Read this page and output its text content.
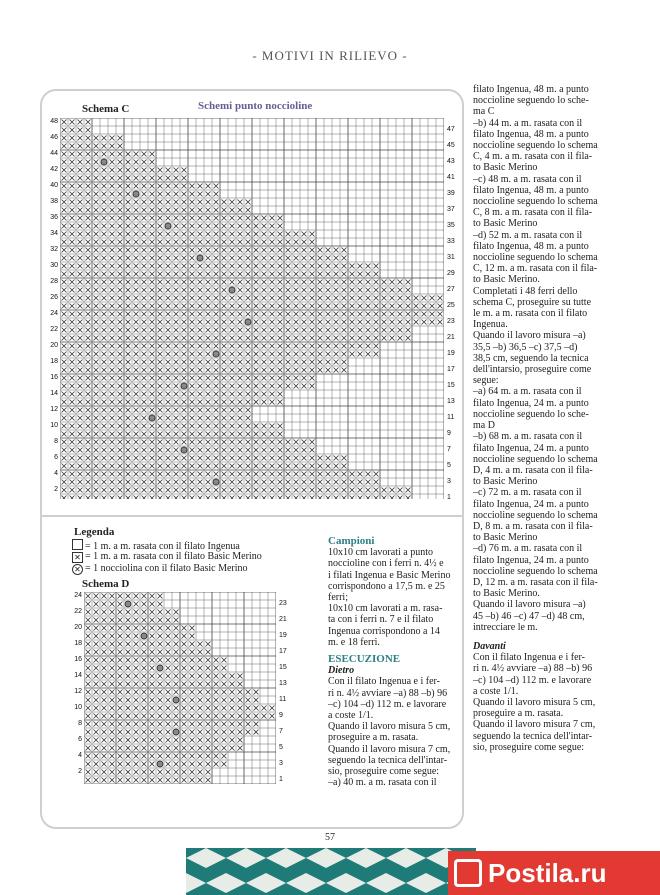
- MOTIVI IN RILIEVO -
Schemi punto noccioline
Schema C
48
46
44
42
40
38
36
34
32
30
28
26
24
22
20
18
16
14
12
10
8
6
4
2
47
45
43
41
39
37
35
33
31
29
27
25
23
21
19
17
15
13
11
9
7
5
3
1
Legenda
= 1 m. a m. rasata con il filato Ingenua
✕ = 1 m. a m. rasata con il filato Basic Merino
✕ = 1 nocciolina con il filato Basic Merino
Schema D
24
22
20
18
16
14
12
10
8
6
4
2
23
21
19
17
15
13
11
9
7
5
3
1

Campioni

10x10 cm lavorati a punto

noccioline con i ferri n. 4½ e

i filati Ingenua e Basic Merino

corrispondono a 17,5 m. e 25

ferri;

10x10 cm lavorati a m. rasa-

ta con i ferri n. 7 e il filato

Ingenua corrispondono a 14

m. e 18 ferri.

ESECUZIONE

Dietro

Con il filato Ingenua e i fer-

ri n. 4½ avviare –a) 88 –b) 96

–c) 104 –d) 112 m. e lavorare

a coste 1/1.

Quando il lavoro misura 5 cm,

proseguire a m. rasata.

Quando il lavoro misura 7 cm,

seguendo la tecnica dell'intar-

sio, proseguire come segue:

–a) 40 m. a m. rasata con il

filato Ingenua, 48 m. a punto

noccioline seguendo lo sche-

ma C

–b) 44 m. a m. rasata con il

filato Ingenua, 48 m. a punto

noccioline seguendo lo schema

C, 4 m. a m. rasata con il fila-

to Basic Merino

–c) 48 m. a m. rasata con il

filato Ingenua, 48 m. a punto

noccioline seguendo lo schema

C, 8 m. a m. rasata con il fila-

to Basic Merino

–d) 52 m. a m. rasata con il

filato Ingenua, 48 m. a punto

noccioline seguendo lo schema

C, 12 m. a m. rasata con il fila-

to Basic Merino.

Completati i 48 ferri dello

schema C, proseguire su tutte

le m. a m. rasata con il filato

Ingenua.

Quando il lavoro misura –a)

35,5 –b) 36,5 –c) 37,5 –d)

38,5 cm, seguendo la tecnica

dell'intarsio, proseguire come

segue:

–a) 64 m. a m. rasata con il

filato Ingenua, 24 m. a punto

noccioline seguendo lo sche-

ma D

–b) 68 m. a m. rasata con il

filato Ingenua, 24 m. a punto

noccioline seguendo lo schema

D, 4 m. a m. rasata con il fila-

to Basic Merino

–c) 72 m. a m. rasata con il

filato Ingenua, 24 m. a punto

noccioline seguendo lo schema

D, 8 m. a m. rasata con il fila-

to Basic Merino

–d) 76 m. a m. rasata con il

filato Ingenua, 24 m. a punto

noccioline seguendo lo schema

D, 12 m. a m. rasata con il fila-

to Basic Merino.

Quando il lavoro misura –a)

45 –b) 46 –c) 47 –d) 48 cm,

intrecciare le m.

Davanti

Con il filato Ingenua e i fer-

ri n. 4½ avviare –a) 88 –b) 96

–c) 104 –d) 112 m. e lavorare

a coste 1/1.

Quando il lavoro misura 5 cm,

proseguire a m. rasata.

Quando il lavoro misura 7 cm,

seguendo la tecnica dell'intar-

sio, proseguire come segue:

57
Postila.ru
